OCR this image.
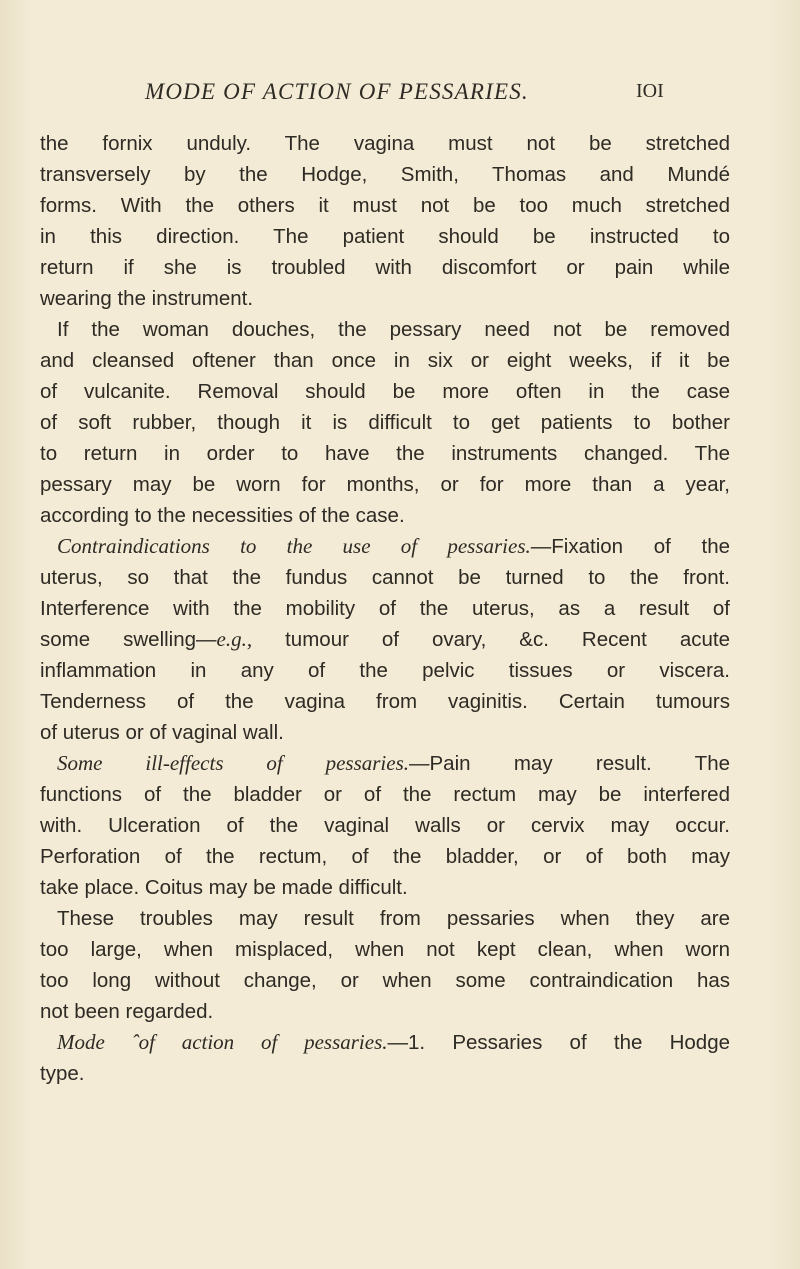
MODE OF ACTION OF PESSARIES.	IOI
the fornix unduly. The vagina must not be stretched
transversely by the Hodge, Smith, Thomas and Mundé
forms. With the others it must not be too much stretched
in this direction. The patient should be instructed to
return if she is troubled with discomfort or pain while
wearing the instrument.
If the woman douches, the pessary need not be removed
and cleansed oftener than once in six or eight weeks, if it be
of vulcanite. Removal should be more often in the case
of soft rubber, though it is difficult to get patients to bother
to return in order to have the instruments changed. The
pessary may be worn for months, or for more than a year,
according to the necessities of the case.
Contraindications to the use of pessaries.—Fixation of the
uterus, so that the fundus cannot be turned to the front.
Interference with the mobility of the uterus, as a result of
some swelling—e.g., tumour of ovary, &c. Recent acute
inflammation in any of the pelvic tissues or viscera.
Tenderness of the vagina from vaginitis. Certain tumours
of uterus or of vaginal wall.
Some ill-effects of pessaries.—Pain may result. The
functions of the bladder or of the rectum may be interfered
with. Ulceration of the vaginal walls or cervix may occur.
Perforation of the rectum, of the bladder, or of both may
take place. Coitus may be made difficult.
These troubles may result from pessaries when they are
too large, when misplaced, when not kept clean, when worn
too long without change, or when some contraindication has
not been regarded.
Mode ˆof action of pessaries.—1. Pessaries of the Hodge
type.
